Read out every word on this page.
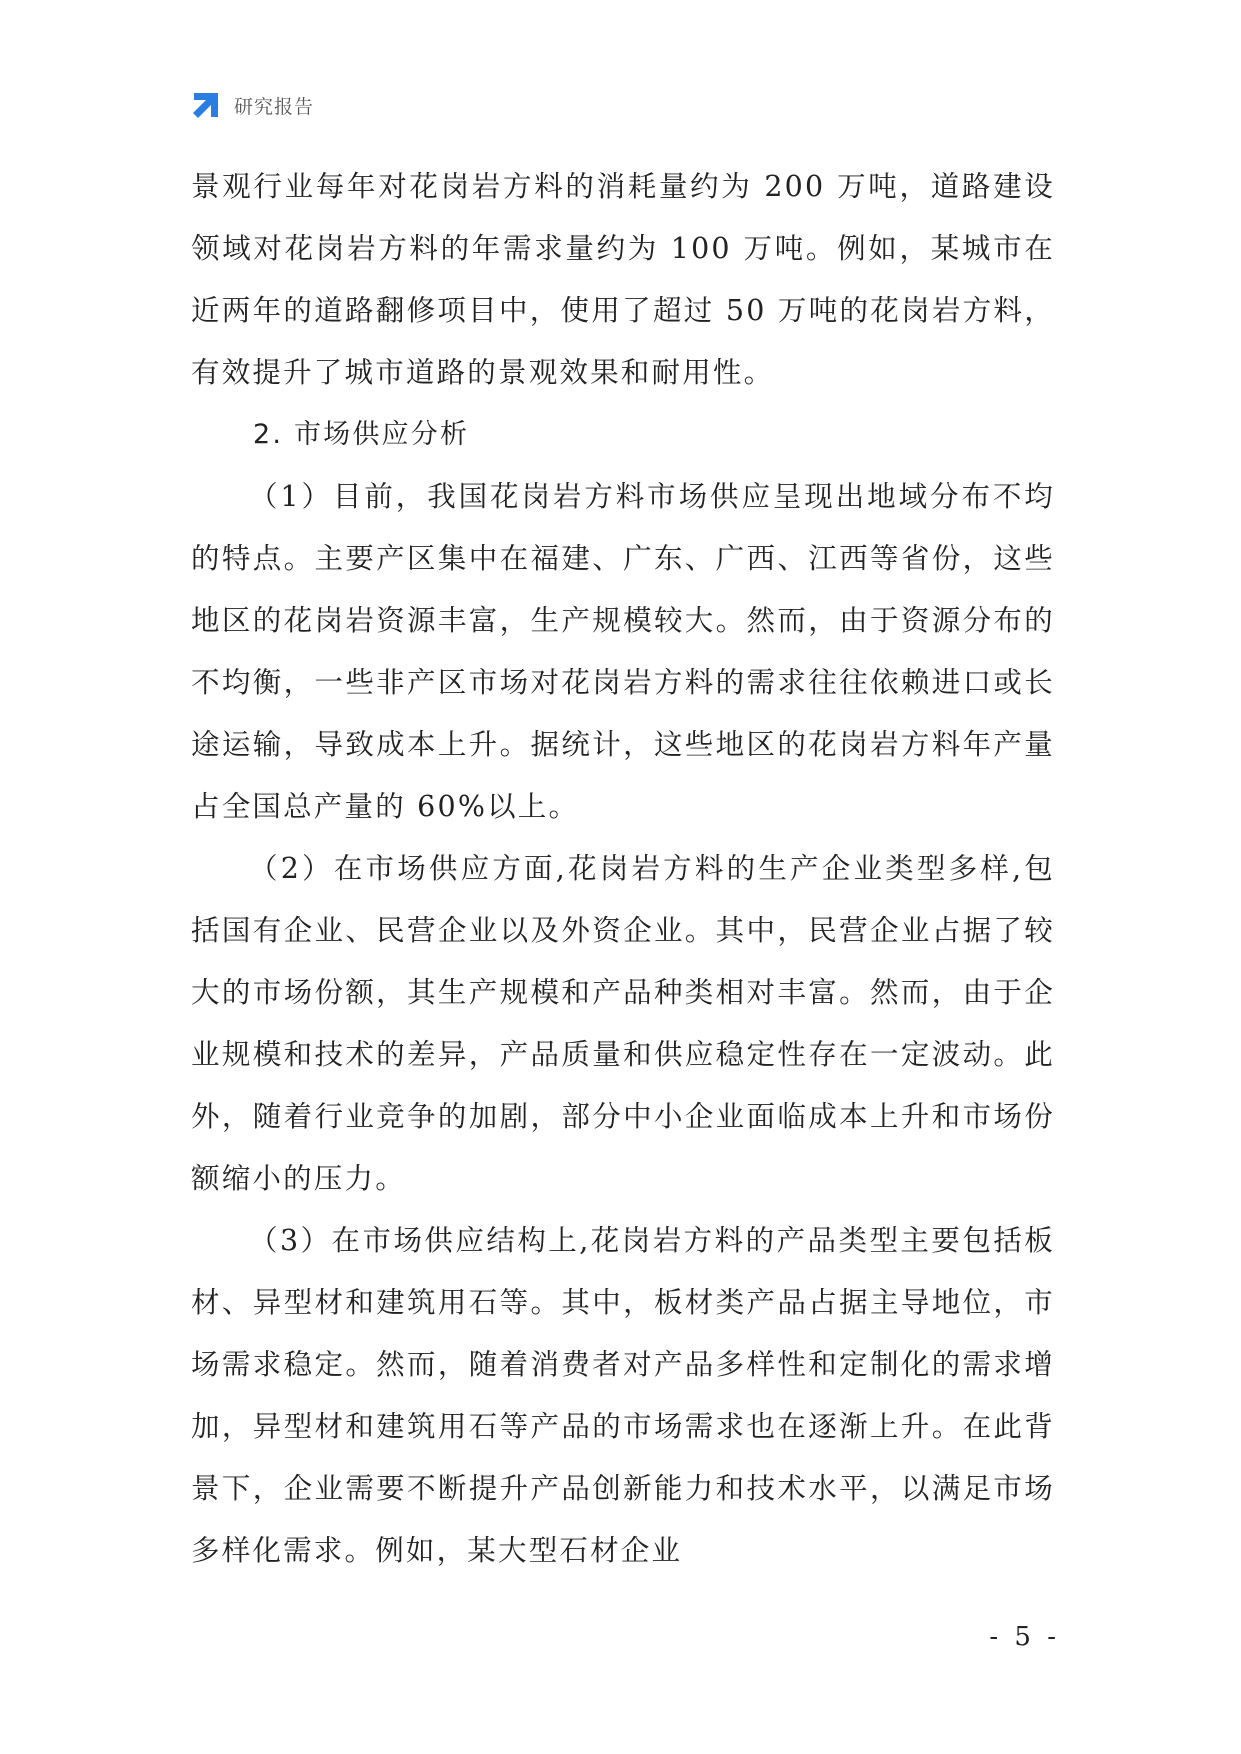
研究报告

景观行业每年对花岗岩方料的消耗量约为 200 万吨，道路建设领域对花岗岩方料的年需求量约为 100 万吨。例如，某城市在近两年的道路翻修项目中，使用了超过 50 万吨的花岗岩方料，有效提升了城市道路的景观效果和耐用性。

2. 市场供应分析

（1）目前，我国花岗岩方料市场供应呈现出地域分布不均的特点。主要产区集中在福建、广东、广西、江西等省份，这些地区的花岗岩资源丰富，生产规模较大。然而，由于资源分布的不均衡，一些非产区市场对花岗岩方料的需求往往依赖进口或长途运输，导致成本上升。据统计，这些地区的花岗岩方料年产量占全国总产量的 60%以上。

（2）在市场供应方面,花岗岩方料的生产企业类型多样,包括国有企业、民营企业以及外资企业。其中，民营企业占据了较大的市场份额，其生产规模和产品种类相对丰富。然而，由于企业规模和技术的差异，产品质量和供应稳定性存在一定波动。此外，随着行业竞争的加剧，部分中小企业面临成本上升和市场份额缩小的压力。

（3）在市场供应结构上,花岗岩方料的产品类型主要包括板材、异型材和建筑用石等。其中，板材类产品占据主导地位，市场需求稳定。然而，随着消费者对产品多样性和定制化的需求增加，异型材和建筑用石等产品的市场需求也在逐渐上升。在此背景下，企业需要不断提升产品创新能力和技术水平，以满足市场多样化需求。例如，某大型石材企业

- 5 -
